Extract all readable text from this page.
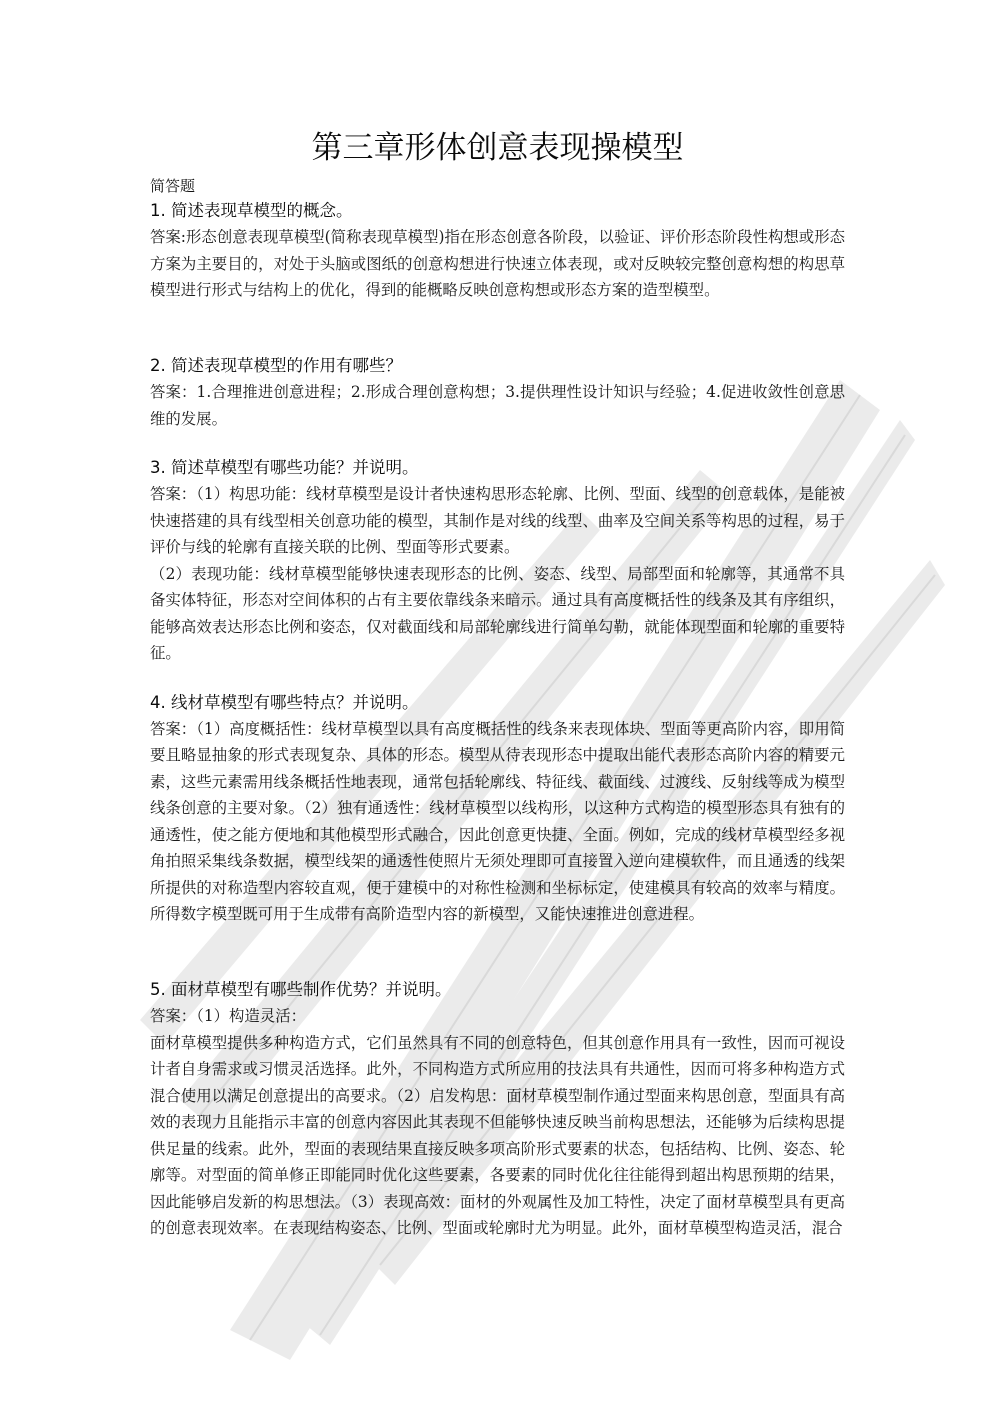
第三章形体创意表现操模型

简答题

1. 简述表现草模型的概念。

答案:形态创意表现草模型(简称表现草模型)指在形态创意各阶段，以验证、评价形态阶段性构想或形态方案为主要目的，对处于头脑或图纸的创意构想进行快速立体表现，或对反映较完整创意构想的构思草模型进行形式与结构上的优化，得到的能概略反映创意构想或形态方案的造型模型。

2. 简述表现草模型的作用有哪些？

答案：1.合理推进创意进程；2.形成合理创意构想；3.提供理性设计知识与经验；4.促进收敛性创意思维的发展。

3. 简述草模型有哪些功能？并说明。

答案：（1）构思功能：线材草模型是设计者快速构思形态轮廓、比例、型面、线型的创意载体，是能被快速搭建的具有线型相关创意功能的模型，其制作是对线的线型、曲率及空间关系等构思的过程，易于评价与线的轮廓有直接关联的比例、型面等形式要素。

（2）表现功能：线材草模型能够快速表现形态的比例、姿态、线型、局部型面和轮廓等，其通常不具备实体特征，形态对空间体积的占有主要依靠线条来暗示。通过具有高度概括性的线条及其有序组织，能够高效表达形态比例和姿态，仅对截面线和局部轮廓线进行简单勾勒，就能体现型面和轮廓的重要特征。

4. 线材草模型有哪些特点？并说明。

答案：（1）高度概括性：线材草模型以具有高度概括性的线条来表现体块、型面等更高阶内容，即用简要且略显抽象的形式表现复杂、具体的形态。模型从待表现形态中提取出能代表形态高阶内容的精要元素，这些元素需用线条概括性地表现，通常包括轮廓线、特征线、截面线、过渡线、反射线等成为模型线条创意的主要对象。（2）独有通透性：线材草模型以线构形，以这种方式构造的模型形态具有独有的通透性，使之能方便地和其他模型形式融合，因此创意更快捷、全面。例如，完成的线材草模型经多视角拍照采集线条数据，模型线架的通透性使照片无须处理即可直接置入逆向建模软件，而且通透的线架所提供的对称造型内容较直观，便于建模中的对称性检测和坐标标定，使建模具有较高的效率与精度。所得数字模型既可用于生成带有高阶造型内容的新模型，又能快速推进创意进程。

5. 面材草模型有哪些制作优势？并说明。

答案：（1）构造灵活：

面材草模型提供多种构造方式，它们虽然具有不同的创意特色，但其创意作用具有一致性，因而可视设计者自身需求或习惯灵活选择。此外，不同构造方式所应用的技法具有共通性，因而可将多种构造方式混合使用以满足创意提出的高要求。（2）启发构思：面材草模型制作通过型面来构思创意，型面具有高效的表现力且能指示丰富的创意内容因此其表现不但能够快速反映当前构思想法，还能够为后续构思提供足量的线索。此外，型面的表现结果直接反映多项高阶形式要素的状态，包括结构、比例、姿态、轮廓等。对型面的简单修正即能同时优化这些要素，各要素的同时优化往往能得到超出构思预期的结果，因此能够启发新的构思想法。（3）表现高效：面材的外观属性及加工特性，决定了面材草模型具有更高的创意表现效率。在表现结构姿态、比例、型面或轮廓时尤为明显。此外，面材草模型构造灵活，混合
